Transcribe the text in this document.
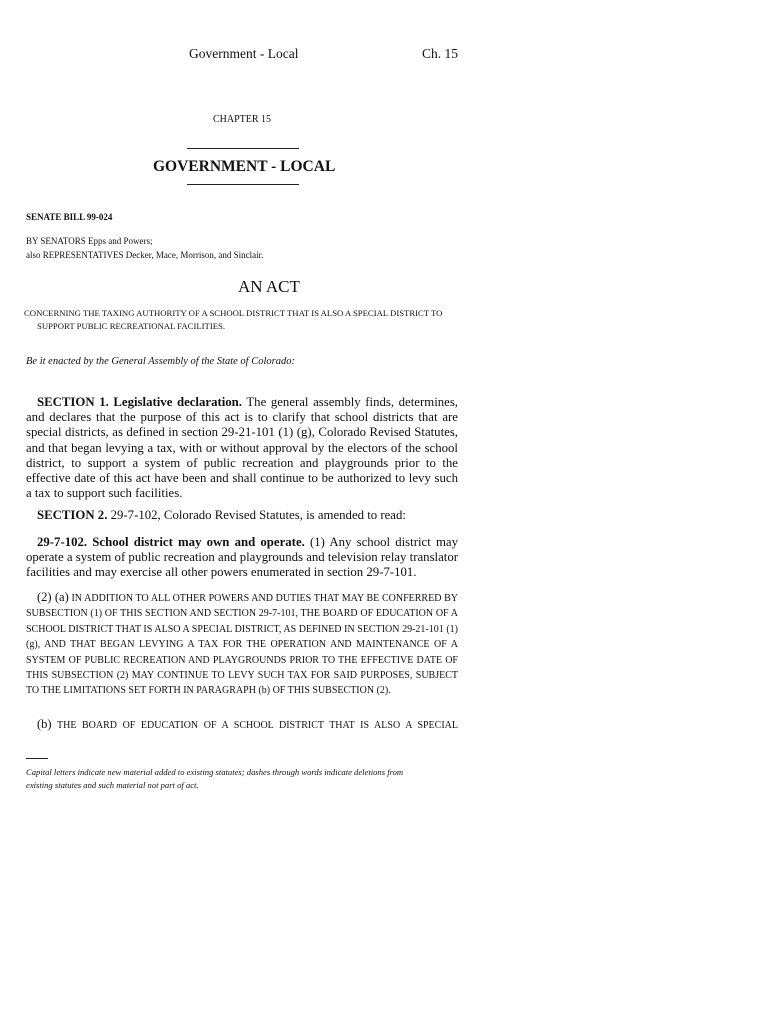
Government - Local	Ch. 15
CHAPTER 15
GOVERNMENT - LOCAL
SENATE BILL 99-024
BY SENATORS Epps and Powers;
also REPRESENTATIVES Decker, Mace, Morrison, and Sinclair.
AN ACT
CONCERNING THE TAXING AUTHORITY OF A SCHOOL DISTRICT THAT IS ALSO A SPECIAL DISTRICT TO
SUPPORT PUBLIC RECREATIONAL FACILITIES.
Be it enacted by the General Assembly of the State of Colorado:
SECTION 1. Legislative declaration. The general assembly finds, determines, and declares that the purpose of this act is to clarify that school districts that are special districts, as defined in section 29-21-101 (1) (g), Colorado Revised Statutes, and that began levying a tax, with or without approval by the electors of the school district, to support a system of public recreation and playgrounds prior to the effective date of this act have been and shall continue to be authorized to levy such a tax to support such facilities.
SECTION 2. 29-7-102, Colorado Revised Statutes, is amended to read:
29-7-102. School district may own and operate. (1) Any school district may operate a system of public recreation and playgrounds and television relay translator facilities and may exercise all other powers enumerated in section 29-7-101.
(2) (a) IN ADDITION TO ALL OTHER POWERS AND DUTIES THAT MAY BE CONFERRED BY SUBSECTION (1) OF THIS SECTION AND SECTION 29-7-101, THE BOARD OF EDUCATION OF A SCHOOL DISTRICT THAT IS ALSO A SPECIAL DISTRICT, AS DEFINED IN SECTION 29-21-101 (1) (g), AND THAT BEGAN LEVYING A TAX FOR THE OPERATION AND MAINTENANCE OF A SYSTEM OF PUBLIC RECREATION AND PLAYGROUNDS PRIOR TO THE EFFECTIVE DATE OF THIS SUBSECTION (2) MAY CONTINUE TO LEVY SUCH TAX FOR SAID PURPOSES, SUBJECT TO THE LIMITATIONS SET FORTH IN PARAGRAPH (b) OF THIS SUBSECTION (2).
(b) THE BOARD OF EDUCATION OF A SCHOOL DISTRICT THAT IS ALSO A SPECIAL
Capital letters indicate new material added to existing statutes; dashes through words indicate deletions from
existing statutes and such material not part of act.
